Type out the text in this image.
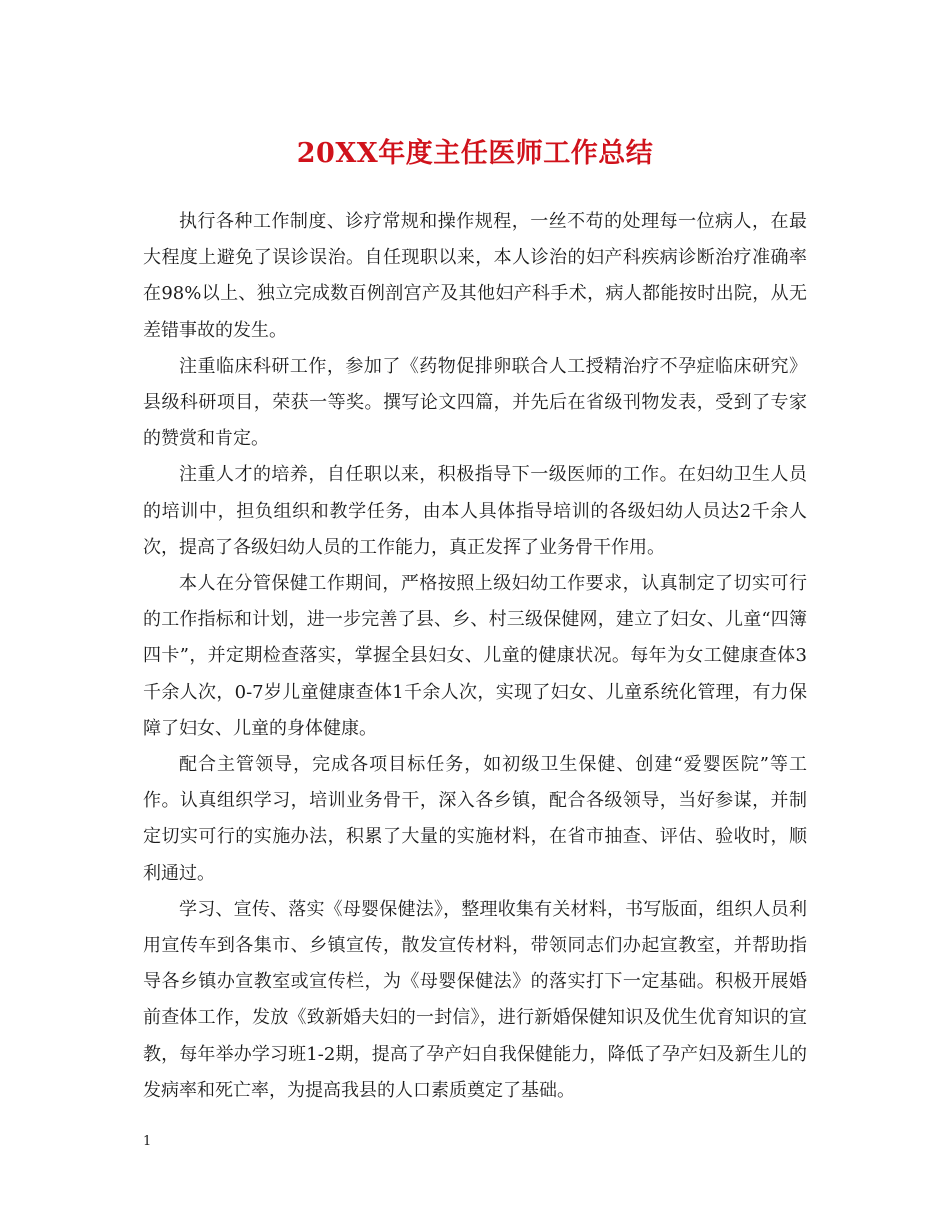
20XX年度主任医师工作总结

执行各种工作制度、诊疗常规和操作规程，一丝不苟的处理每一位病人，在最大程度上避免了误诊误治。自任现职以来，本人诊治的妇产科疾病诊断治疗准确率在98%以上、独立完成数百例剖宫产及其他妇产科手术，病人都能按时出院，从无差错事故的发生。

注重临床科研工作，参加了《药物促排卵联合人工授精治疗不孕症临床研究》县级科研项目，荣获一等奖。撰写论文四篇，并先后在省级刊物发表，受到了专家的赞赏和肯定。

注重人才的培养，自任职以来，积极指导下一级医师的工作。在妇幼卫生人员的培训中，担负组织和教学任务，由本人具体指导培训的各级妇幼人员达2千余人次，提高了各级妇幼人员的工作能力，真正发挥了业务骨干作用。

本人在分管保健工作期间，严格按照上级妇幼工作要求，认真制定了切实可行的工作指标和计划，进一步完善了县、乡、村三级保健网，建立了妇女、儿童“四簿四卡”，并定期检查落实，掌握全县妇女、儿童的健康状况。每年为女工健康查体3千余人次，0-7岁儿童健康查体1千余人次，实现了妇女、儿童系统化管理，有力保障了妇女、儿童的身体健康。

配合主管领导，完成各项目标任务，如初级卫生保健、创建“爱婴医院”等工作。认真组织学习，培训业务骨干，深入各乡镇，配合各级领导，当好参谋，并制定切实可行的实施办法，积累了大量的实施材料，在省市抽查、评估、验收时，顺利通过。

学习、宣传、落实《母婴保健法》，整理收集有关材料，书写版面，组织人员利用宣传车到各集市、乡镇宣传，散发宣传材料，带领同志们办起宣教室，并帮助指导各乡镇办宣教室或宣传栏，为《母婴保健法》的落实打下一定基础。积极开展婚前查体工作，发放《致新婚夫妇的一封信》，进行新婚保健知识及优生优育知识的宣教，每年举办学习班1-2期，提高了孕产妇自我保健能力，降低了孕产妇及新生儿的发病率和死亡率，为提高我县的人口素质奠定了基础。

1
